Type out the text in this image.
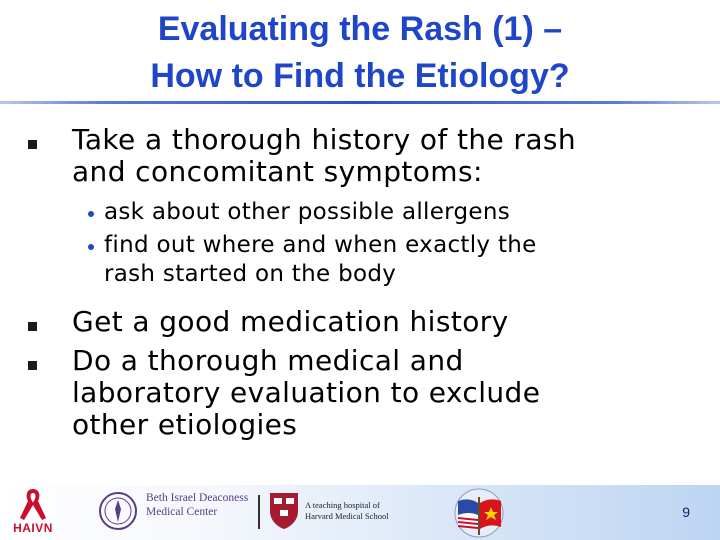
Evaluating the Rash (1) –
How to Find the Etiology?
Take a thorough history of the rash
and concomitant symptoms:
ask about other possible allergens
find out where and when exactly the
rash started on the body
Get a good medication history
Do a thorough medical and
laboratory evaluation to exclude
other etiologies
HAIVN
Beth Israel Deaconess
Medical Center
A teaching hospital of
Harvard Medical School	9
